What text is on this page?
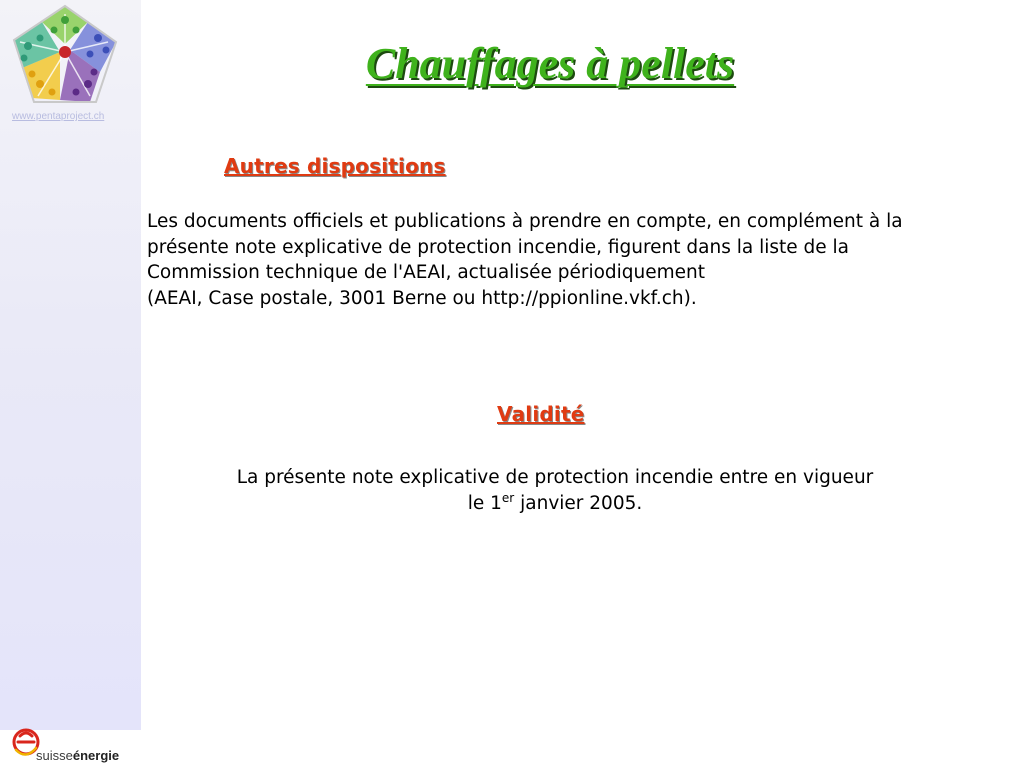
www.pentaproject.ch
Chauffages à pellets
Autres dispositions
Les documents officiels et publications à prendre en compte, en complément à la
présente note explicative de protection incendie, figurent dans la liste de la
Commission technique de l'AEAI, actualisée périodiquement
(AEAI, Case postale, 3001 Berne ou http://ppionline.vkf.ch).
Validité
La présente note explicative de protection incendie entre en vigueur
le 1er janvier 2005.
suisseénergie
